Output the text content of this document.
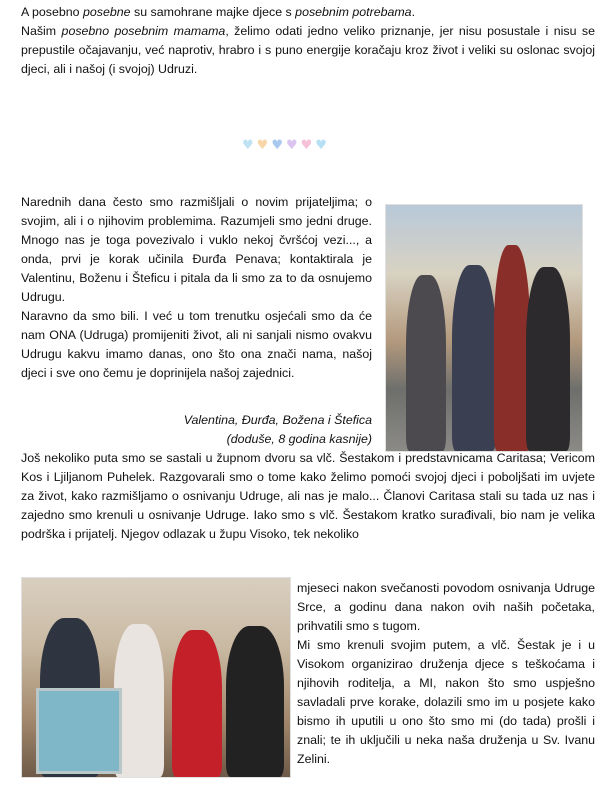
A posebno posebne su samohrane majke djece s posebnim potrebama.

Našim posebno posebnim mamama, želimo odati jedno veliko priznanje, jer nisu posustale i nisu se prepustile očajavanju, već naprotiv, hrabro i s puno energije koračaju kroz život i veliki su oslonac svojoj djeci, ali i našoj (i svojoj) Udruzi.

♥ ♥ ♥ ♥ ♥ ♥

Narednih dana često smo razmišljali o novim prijateljima; o svojim, ali i o njihovim problemima. Razumjeli smo jedni druge. Mnogo nas je toga povezivalo i vuklo nekoj čvršćoj vezi..., a onda, prvi je korak učinila Đurđa Penava; kontaktirala je Valentinu, Boženu i Šteficu i pitala da li smo za to da osnujemo Udrugu.

Naravno da smo bili. I već u tom trenutku osjećali smo da će nam ONA (Udruga) promijeniti život, ali ni sanjali nismo ovakvu Udrugu kakvu imamo danas, ono što ona znači nama, našoj djeci i sve ono čemu je doprinijela našoj zajednici.

Valentina, Đurđa, Božena i Štefica
(doduše, 8 godina kasnije)

Još nekoliko puta smo se sastali u župnom dvoru sa vlč. Šestakom i predstavnicama Caritasa; Vericom Kos i Ljiljanom Puhelek. Razgovarali smo o tome kako želimo pomoći svojoj djeci i poboljšati im uvjete za život, kako razmišljamo o osnivanju Udruge, ali nas je malo... Članovi Caritasa stali su tada uz nas i zajedno smo krenuli u osnivanje Udruge. Iako smo s vlč. Šestakom kratko surađivali, bio nam je velika podrška i prijatelj. Njegov odlazak u župu Visoko, tek nekoliko

mjeseci nakon svečanosti povodom osnivanja Udruge Srce, a godinu dana nakon ovih naših početaka, prihvatili smo s tugom.

Mi smo krenuli svojim putem, a vlč. Šestak je i u Visokom organizirao druženja djece s teškoćama i njihovih roditelja, a MI, nakon što smo uspješno savladali prve korake, dolazili smo im u posjete kako bismo ih uputili u ono što smo mi (do tada) prošli i znali; te ih uključili u neka naša druženja u Sv. Ivanu Zelini.
